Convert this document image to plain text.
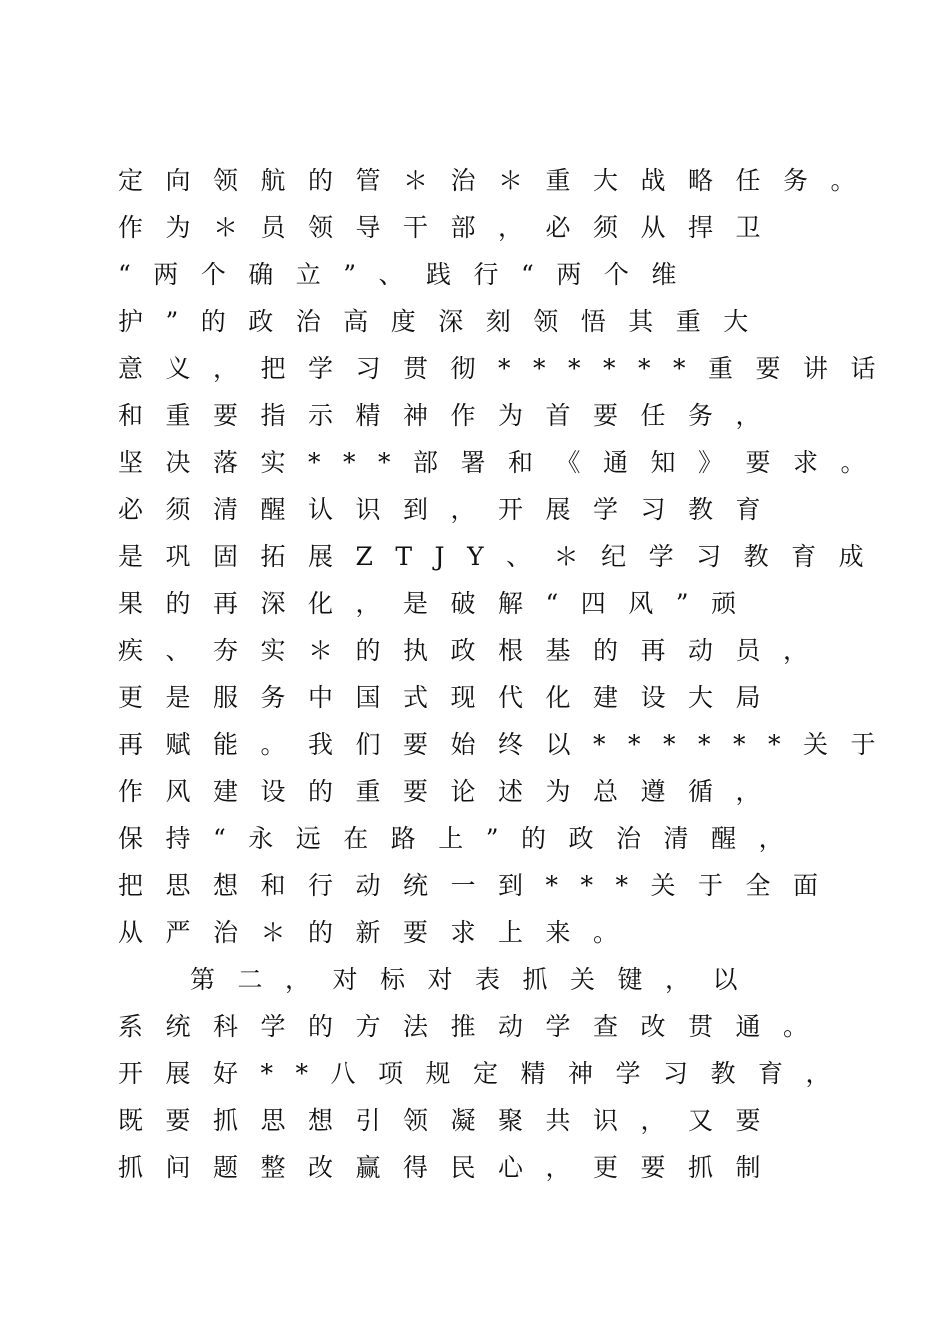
定向领航的管＊治＊重大战略任务。
作为＊员领导干部，必须从捍卫
“两个确立”、践行“两个维
护”的政治高度深刻领悟其重大
意义，把学习贯彻******重要讲话
和重要指示精神作为首要任务，
坚决落实***部署和《通知》要求。
必须清醒认识到，开展学习教育
是巩固拓展ZTJY、＊纪学习教育成
果的再深化，是破解“四风”顽
疾、夯实＊的执政根基的再动员，
更是服务中国式现代化建设大局
再赋能。我们要始终以******关于
作风建设的重要论述为总遵循，
保持“永远在路上”的政治清醒，
把思想和行动统一到***关于全面
从严治＊的新要求上来。
第二，对标对表抓关键，以
系统科学的方法推动学查改贯通。
开展好**八项规定精神学习教育，
既要抓思想引领凝聚共识，又要
抓问题整改赢得民心，更要抓制
